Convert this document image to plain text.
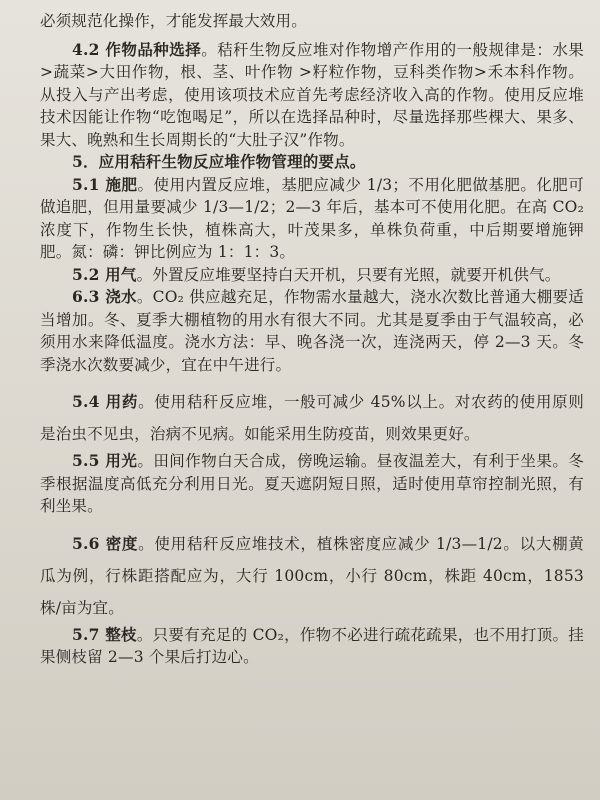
必须规范化操作，才能发挥最大效用。

4.2 作物品种选择。秸秆生物反应堆对作物增产作用的一般规律是：水果>蔬菜>大田作物，根、茎、叶作物 >籽粒作物，豆科类作物>禾本科作物。从投入与产出考虑，使用该项技术应首先考虑经济收入高的作物。使用反应堆技术因能让作物“吃饱喝足”，所以在选择品种时，尽量选择那些棵大、果多、果大、晚熟和生长周期长的“大肚子汉”作物。

5．应用秸秆生物反应堆作物管理的要点。

5.1 施肥。使用内置反应堆，基肥应减少 1/3；不用化肥做基肥。化肥可做追肥，但用量要减少 1/3—1/2；2—3 年后，基本可不使用化肥。在高 CO₂ 浓度下，作物生长快，植株高大，叶茂果多，单株负荷重，中后期要增施钾肥。氮：磷：钾比例应为 1：1：3。

5.2 用气。外置反应堆要坚持白天开机，只要有光照，就要开机供气。

6.3 浇水。CO₂ 供应越充足，作物需水量越大，浇水次数比普通大棚要适当增加。冬、夏季大棚植物的用水有很大不同。尤其是夏季由于气温较高，必须用水来降低温度。浇水方法：早、晚各浇一次，连浇两天，停 2—3 天。冬季浇水次数要减少，宜在中午进行。

5.4 用药。使用秸秆反应堆，一般可减少 45%以上。对农药的使用原则是治虫不见虫，治病不见病。如能采用生防疫苗，则效果更好。

5.5 用光。田间作物白天合成，傍晚运输。昼夜温差大，有利于坐果。冬季根据温度高低充分利用日光。夏天遮阴短日照，适时使用草帘控制光照，有利坐果。

5.6 密度。使用秸秆反应堆技术，植株密度应减少 1/3—1/2。以大棚黄瓜为例，行株距搭配应为，大行 100cm，小行 80cm，株距 40cm，1853 株/亩为宜。

5.7 整枝。只要有充足的 CO₂，作物不必进行疏花疏果，也不用打顶。挂果侧枝留 2—3 个果后打边心。
